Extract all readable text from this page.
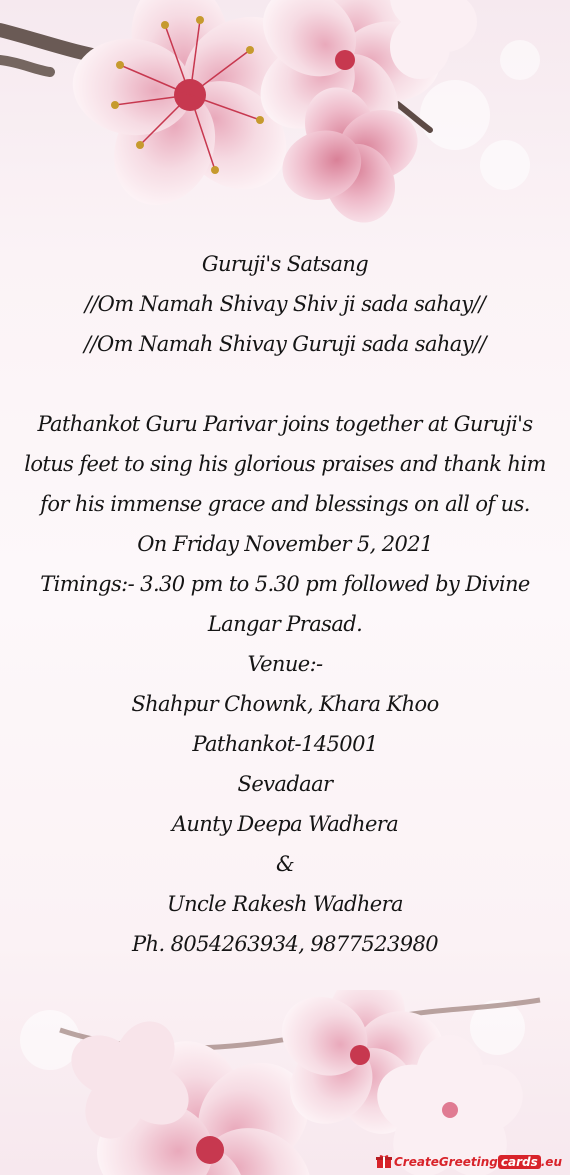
Guruji's Satsang
//Om Namah Shivay Shiv ji sada sahay//
//Om Namah Shivay Guruji sada sahay//
Pathankot Guru Parivar joins together at Guruji's
lotus feet to sing his glorious praises and thank him
for his immense grace and blessings on all of us.
On Friday November 5, 2021
Timings:- 3.30 pm to 5.30 pm followed by Divine
Langar Prasad.
Venue:-
Shahpur Chownk, Khara Khoo
Pathankot-145001
Sevadaar
Aunty Deepa Wadhera
&
Uncle Rakesh Wadhera
Ph. 8054263934, 9877523980
CreateGreeting cards .eu
